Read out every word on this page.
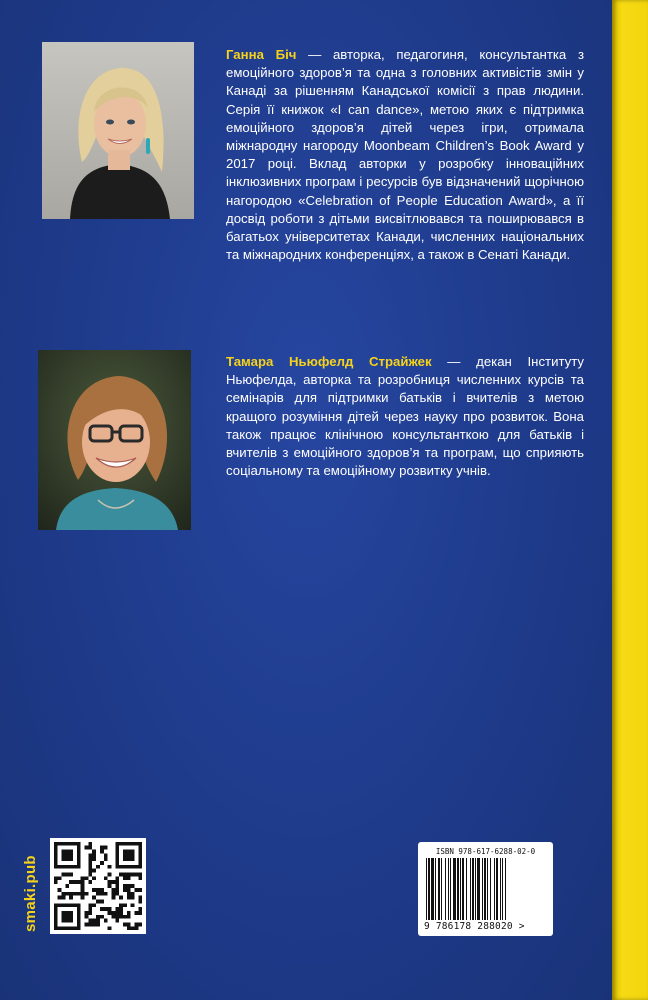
Ганна Біч — авторка, педагогиня, консультантка з емоційного здоров’я та одна з головних активістів змін у Канаді за рішенням Канадської комісії з прав людини. Серія її книжок «I can dance», метою яких є підтримка емоційного здоров’я дітей через ігри, отримала міжнародну нагороду Moonbeam Children’s Book Award у 2017 році. Вклад авторки у розробку інноваційних інклюзивних програм і ресурсів був відзначений щорічною нагородою «Celebration of People Education Award», а її досвід роботи з дітьми висвітлювався та поширювався в багатьох університетах Канади, численних національних та міжнародних конференціях, а також в Сенаті Канади.
Тамара Ньюфелд Страйжек — декан Інституту Ньюфелда, авторка та розробниця численних курсів та семінарів для підтримки батьків і вчителів з метою кращого розуміння дітей через науку про розвиток. Вона також працює клінічною консультанткою для батьків і вчителів з емоційного здоров’я та програм, що сприяють соціальному та емоційному розвитку учнів.
smaki.pub
ISBN 978-617-6288-02-0
9 786178 288020 >
